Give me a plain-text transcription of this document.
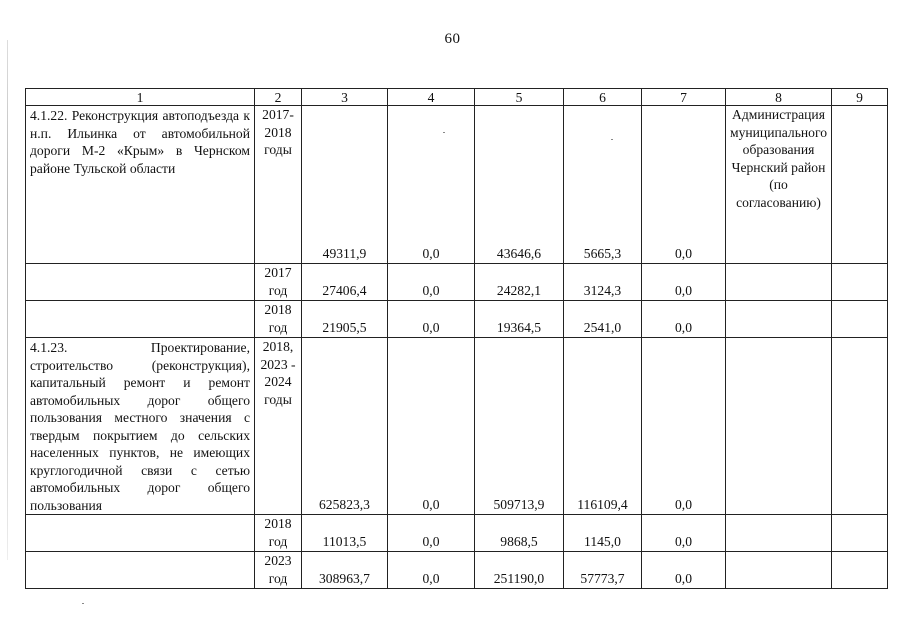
60
1	2	3	4	5	6	7	8	9
4.1.22. Реконструкция автоподъезда к н.п. Ильинка от автомобильной дороги М-2 «Крым» в Чернском районе Тульской области	2017-2018 годы	49311,9	0,0	43646,6	5665,3	0,0	Администрация муниципального образования Чернский район (по согласованию)	
	2017 год	27406,4	0,0	24282,1	3124,3	0,0		
	2018 год	21905,5	0,0	19364,5	2541,0	0,0		
4.1.23. Проектирование, строительство (реконструкция), капитальный ремонт и ремонт автомобильных дорог общего пользования местного значения с твердым покрытием до сельских населенных пунктов, не имеющих круглогодичной связи с сетью автомобильных дорог общего пользования	2018, 2023 - 2024 годы	625823,3	0,0	509713,9	116109,4	0,0		
	2018 год	11013,5	0,0	9868,5	1145,0	0,0		
	2023 год	308963,7	0,0	251190,0	57773,7	0,0		
